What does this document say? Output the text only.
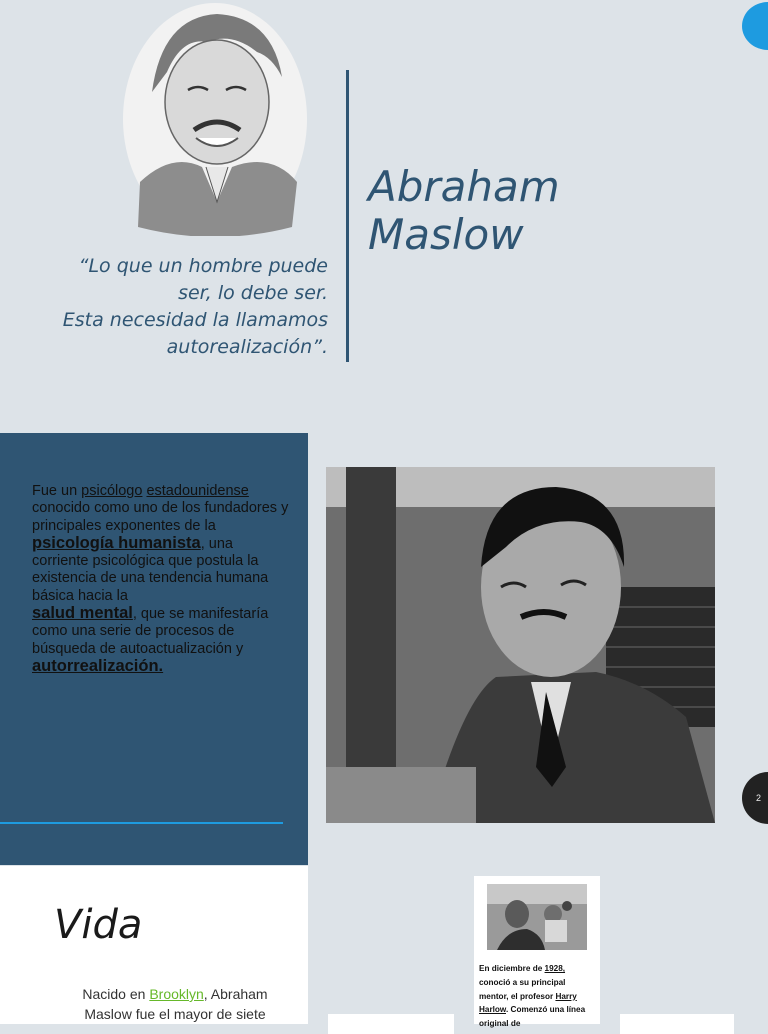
“Lo que un hombre puede
ser, lo debe ser.
Esta necesidad la llamamos
autorealización”.
Abraham
Maslow
Fue un psicólogo estadounidense conocido como uno de los fundadores y principales exponentes de la
psicología humanista, una corriente psicológica que postula la existencia de una tendencia humana básica hacia la
salud mental, que se manifestaría como una serie de procesos de búsqueda de autoactualización y
autorrealización.
2
Vida
Nacido en Brooklyn, Abraham Maslow fue el mayor de siete
En diciembre de 1928, conoció a su principal mentor, el profesor Harry Harlow. Comenzó una línea original de
